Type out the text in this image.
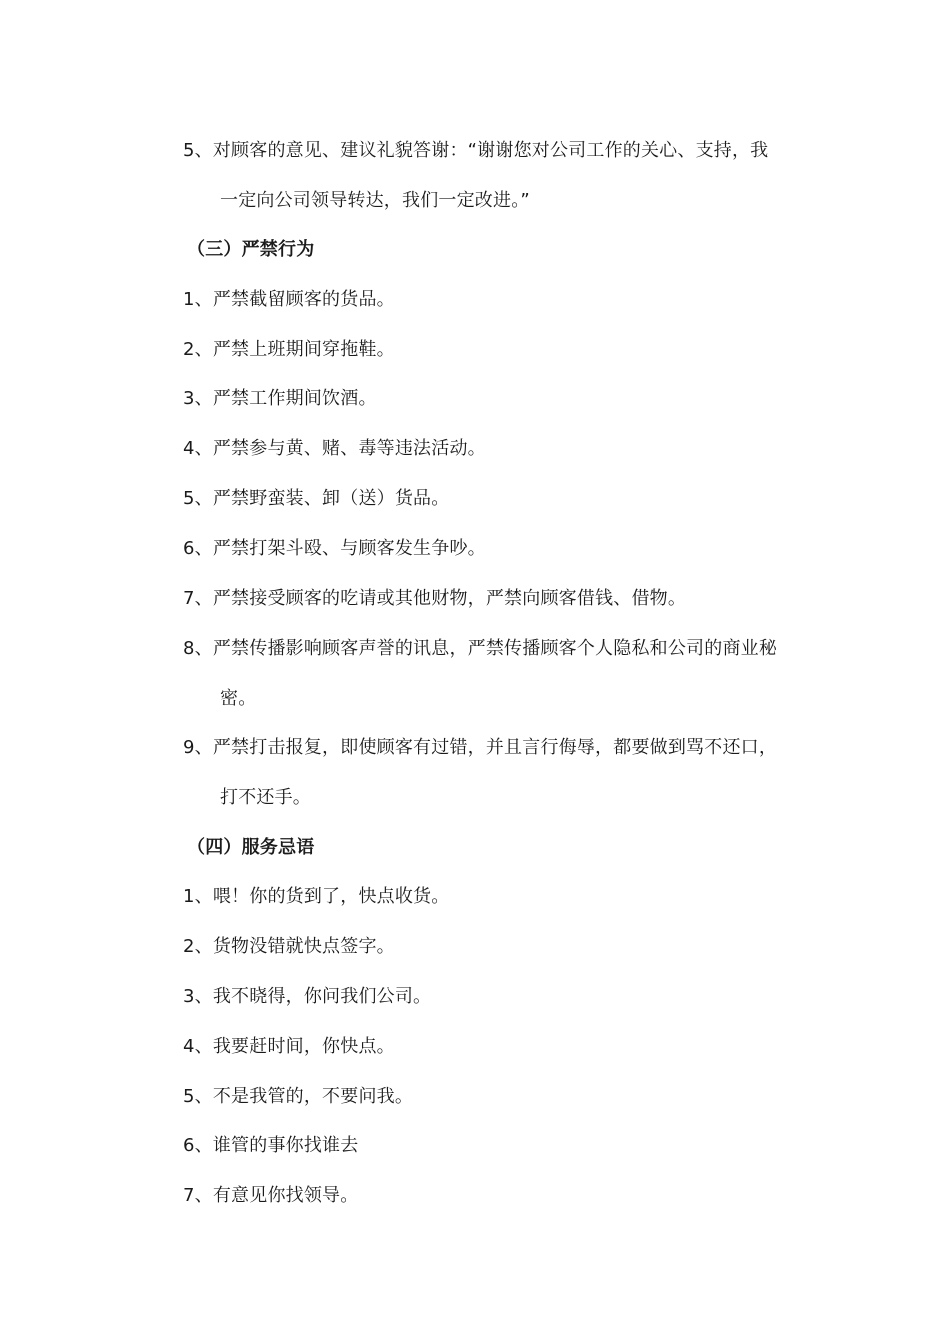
5、对顾客的意见、建议礼貌答谢：“谢谢您对公司工作的关心、支持，我
一定向公司领导转达，我们一定改进。”
（三）严禁行为
1、严禁截留顾客的货品。
2、严禁上班期间穿拖鞋。
3、严禁工作期间饮酒。
4、严禁参与黄、赌、毒等违法活动。
5、严禁野蛮装、卸（送）货品。
6、严禁打架斗殴、与顾客发生争吵。
7、严禁接受顾客的吃请或其他财物，严禁向顾客借钱、借物。
8、严禁传播影响顾客声誉的讯息，严禁传播顾客个人隐私和公司的商业秘
密。
9、严禁打击报复，即使顾客有过错，并且言行侮辱，都要做到骂不还口，
打不还手。
（四）服务忌语
1、喂！你的货到了，快点收货。
2、货物没错就快点签字。
3、我不晓得，你问我们公司。
4、我要赶时间，你快点。
5、不是我管的，不要问我。
6、谁管的事你找谁去
7、有意见你找领导。
